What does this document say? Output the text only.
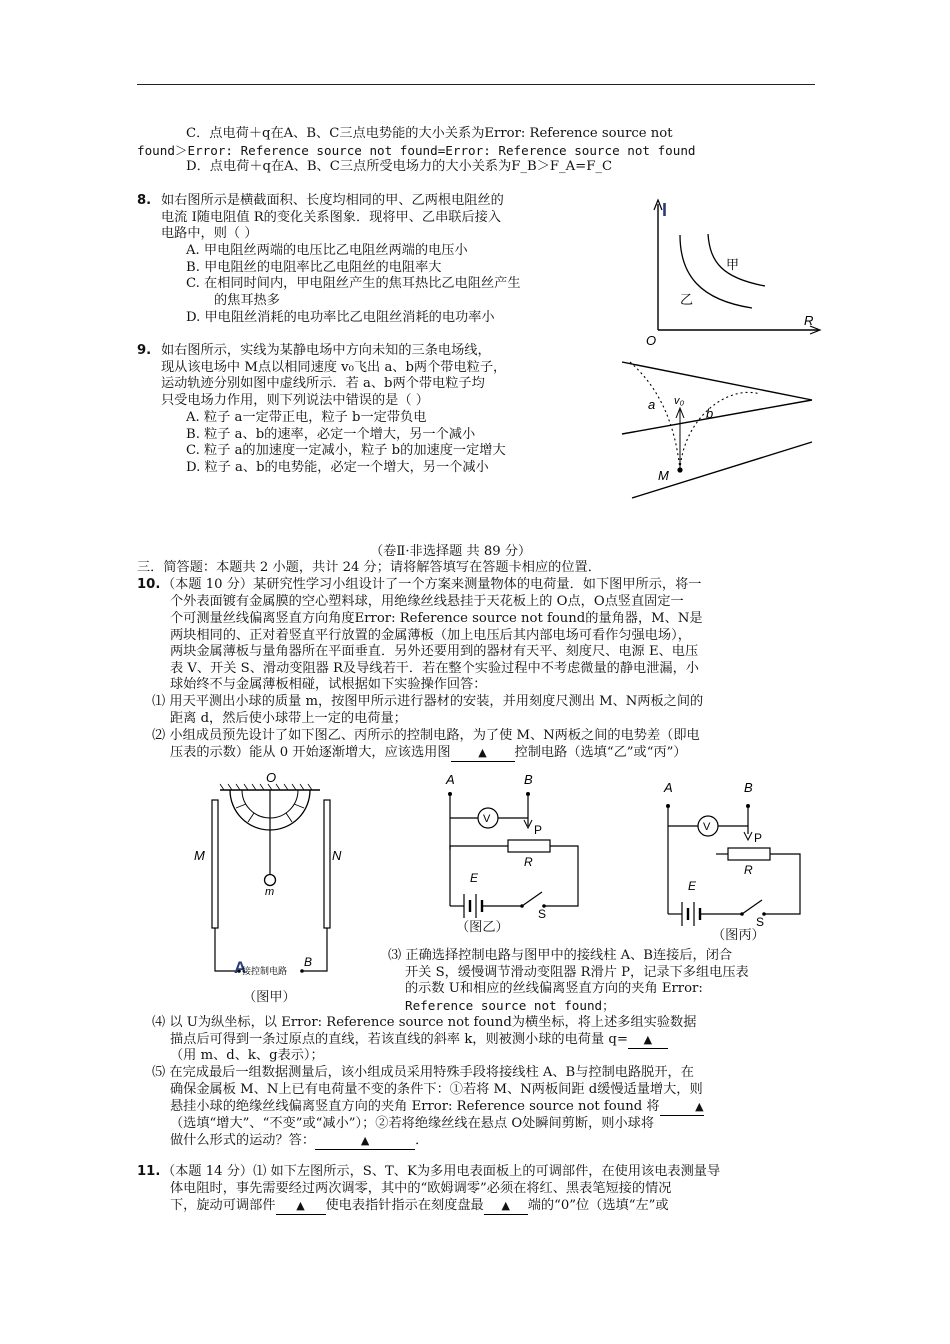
C．点电荷＋q在A、B、C三点电势能的大小关系为Error: Reference source not
found＞Error: Reference source not found=Error: Reference source not found
D．点电荷＋q在A、B、C三点所受电场力的大小关系为F_B＞F_A=F_C
8. 如右图所示是横截面积、长度均相同的甲、乙两根电阻丝的
电流 I随电阻值 R的变化关系图象．现将甲、乙串联后接入
电路中，则（ ）
A. 甲电阻丝两端的电压比乙电阻丝两端的电压小
B. 甲电阻丝的电阻率比乙电阻丝的电阻率大
C. 在相同时间内，甲电阻丝产生的焦耳热比乙电阻丝产生
的焦耳热多
D. 甲电阻丝消耗的电功率比乙电阻丝消耗的电功率小
I
R
O
甲
乙
9. 如右图所示，实线为某静电场中方向未知的三条电场线，
现从该电场中 M点以相同速度 v₀飞出 a、b两个带电粒子，
运动轨迹分别如图中虚线所示．若 a、b两个带电粒子均
只受电场力作用，则下列说法中错误的是（ ）
A. 粒子 a一定带正电，粒子 b一定带负电
B. 粒子 a、b的速率，必定一个增大，另一个减小
C. 粒子 a的加速度一定减小，粒子 b的加速度一定增大
D. 粒子 a、b的电势能，必定一个增大，另一个减小
a
b
v₀
M
（卷Ⅱ·非选择题 共 89 分）
三．简答题：本题共 2 小题，共计 24 分；请将解答填写在答题卡相应的位置．
10. （本题 10 分）某研究性学习小组设计了一个方案来测量物体的电荷量．如下图甲所示，将一
个外表面镀有金属膜的空心塑料球，用绝缘丝线悬挂于天花板上的 O点，O点竖直固定一
个可测量丝线偏离竖直方向角度Error: Reference source not found的量角器，M、N是
两块相同的、正对着竖直平行放置的金属薄板（加上电压后其内部电场可看作匀强电场），
两块金属薄板与量角器所在平面垂直．另外还要用到的器材有天平、刻度尺、电源 E、电压
表 V、开关 S、滑动变阻器 R及导线若干．若在整个实验过程中不考虑微量的静电泄漏，小
球始终不与金属薄板相碰，试根据如下实验操作回答：
⑴ 用天平测出小球的质量 m，按图甲所示进行器材的安装，并用刻度尺测出 M、N两板之间的
距离 d，然后使小球带上一定的电荷量；
⑵ 小组成员预先设计了如下图乙、丙所示的控制电路，为了使 M、N两板之间的电势差（即电
压表的示数）能从 0 开始逐渐增大，应该选用图	▲ 控制电路（选填“乙”或“丙”）
O
m
M	N
A	B
接控制电路
（图甲）
A	B
V
P
R
E
S
（图乙）
A	B
V
P
R
E
S
（图丙）
⑶ 正确选择控制电路与图甲中的接线柱 A、B连接后，闭合
开关 S，缓慢调节滑动变阻器 R滑片 P，记录下多组电压表
的示数 U和相应的丝线偏离竖直方向的夹角 Error:
Reference source not found；
⑷ 以 U为纵坐标，以 Error: Reference source not found为横坐标，将上述多组实验数据
描点后可得到一条过原点的直线，若该直线的斜率 k，则被测小球的电荷量 q= ▲
（用 m、d、k、g表示）；
⑸ 在完成最后一组数据测量后，该小组成员采用特殊手段将接线柱 A、B与控制电路脱开，在
确保金属板 M、N上已有电荷量不变的条件下：①若将 M、N两板间距 d缓慢适量增大，则
悬挂小球的绝缘丝线偏离竖直方向的夹角 Error: Reference source not found 将	▲
（选填“增大”、“不变”或“减小”）；②若将绝缘丝线在悬点 O处瞬间剪断，则小球将
做什么形式的运动？答：	▲	．
11. （本题 14 分）⑴ 如下左图所示，S、T、K为多用电表面板上的可调部件，在使用该电表测量导
体电阻时，事先需要经过两次调零，其中的“欧姆调零”必须在将红、黑表笔短接的情况
下，旋动可调部件 ▲ 使电表指针指示在刻度盘最 ▲ 端的“0”位（选填“左”或
